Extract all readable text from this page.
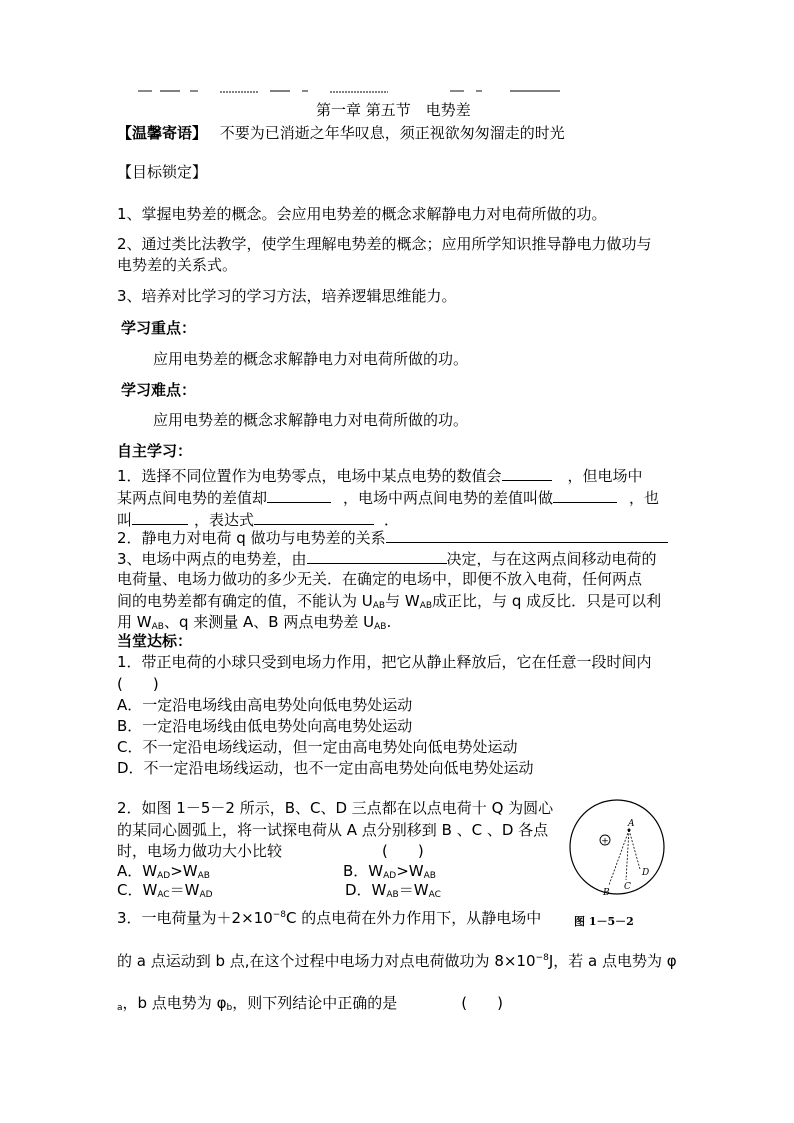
第一章 第五节　电势差
【温馨寄语】 不要为已消逝之年华叹息，须正视欲匆匆溜走的时光
【目标锁定】
1、掌握电势差的概念。会应用电势差的概念求解静电力对电荷所做的功。
2、通过类比法教学，使学生理解电势差的概念；应用所学知识推导静电力做功与
电势差的关系式。
3、培养对比学习的学习方法，培养逻辑思维能力。
学习重点：
应用电势差的概念求解静电力对电荷所做的功。
学习难点：
应用电势差的概念求解静电力对电荷所做的功。
自主学习：
1．选择不同位置作为电势零点，电场中某点电势的数值会	，但电场中
某两点间电势的差值却	，电场中两点间电势的差值叫做	，也
叫	，表达式	．
2．静电力对电荷 q 做功与电势差的关系
3、电场中两点的电势差，由	决定，与在这两点间移动电荷的
电荷量、电场力做功的多少无关．在确定的电场中，即便不放入电荷，任何两点
间的电势差都有确定的值，不能认为 $U_{AB}$与 $W_{AB}$成正比，与 q 成反比．只是可以利
用 $W_{AB}$、q 来测量 A、B 两点电势差 $U_{AB}$.
当堂达标：
1．带正电荷的小球只受到电场力作用，把它从静止释放后，它在任意一段时间内
(　　)
A．一定沿电场线由高电势处向低电势处运动
B．一定沿电场线由低电势处向高电势处运动
C．不一定沿电场线运动，但一定由高电势处向低电势处运动
D．不一定沿电场线运动，也不一定由高电势处向低电势处运动
2．如图 1－5－2 所示，B、C、D 三点都在以点电荷十 Q 为圆心
的某同心圆弧上，将一试探电荷从 A 点分别移到 B 、C 、D 各点
时，电场力做功大小比较	(　　)
A．$W_{AD}>W_{AB}$	B．$W_{AD}>W_{AB}$
C．$W_{AC}=W_{AD}$	D．$W_{AB}=W_{AC}$
+
A
B
C
D
图 1－5－2
3．一电荷量为$+2\times 10^{-8}C$ 的点电荷在外力作用下，从静电场中
的 a 点运动到 b 点,在这个过程中电场力对点电荷做功为 $8\times 10^{-8}J$，若 a 点电势为 φ
$_a$，b 点电势为 $\varphi_b$，则下列结论中正确的是	(　　)
